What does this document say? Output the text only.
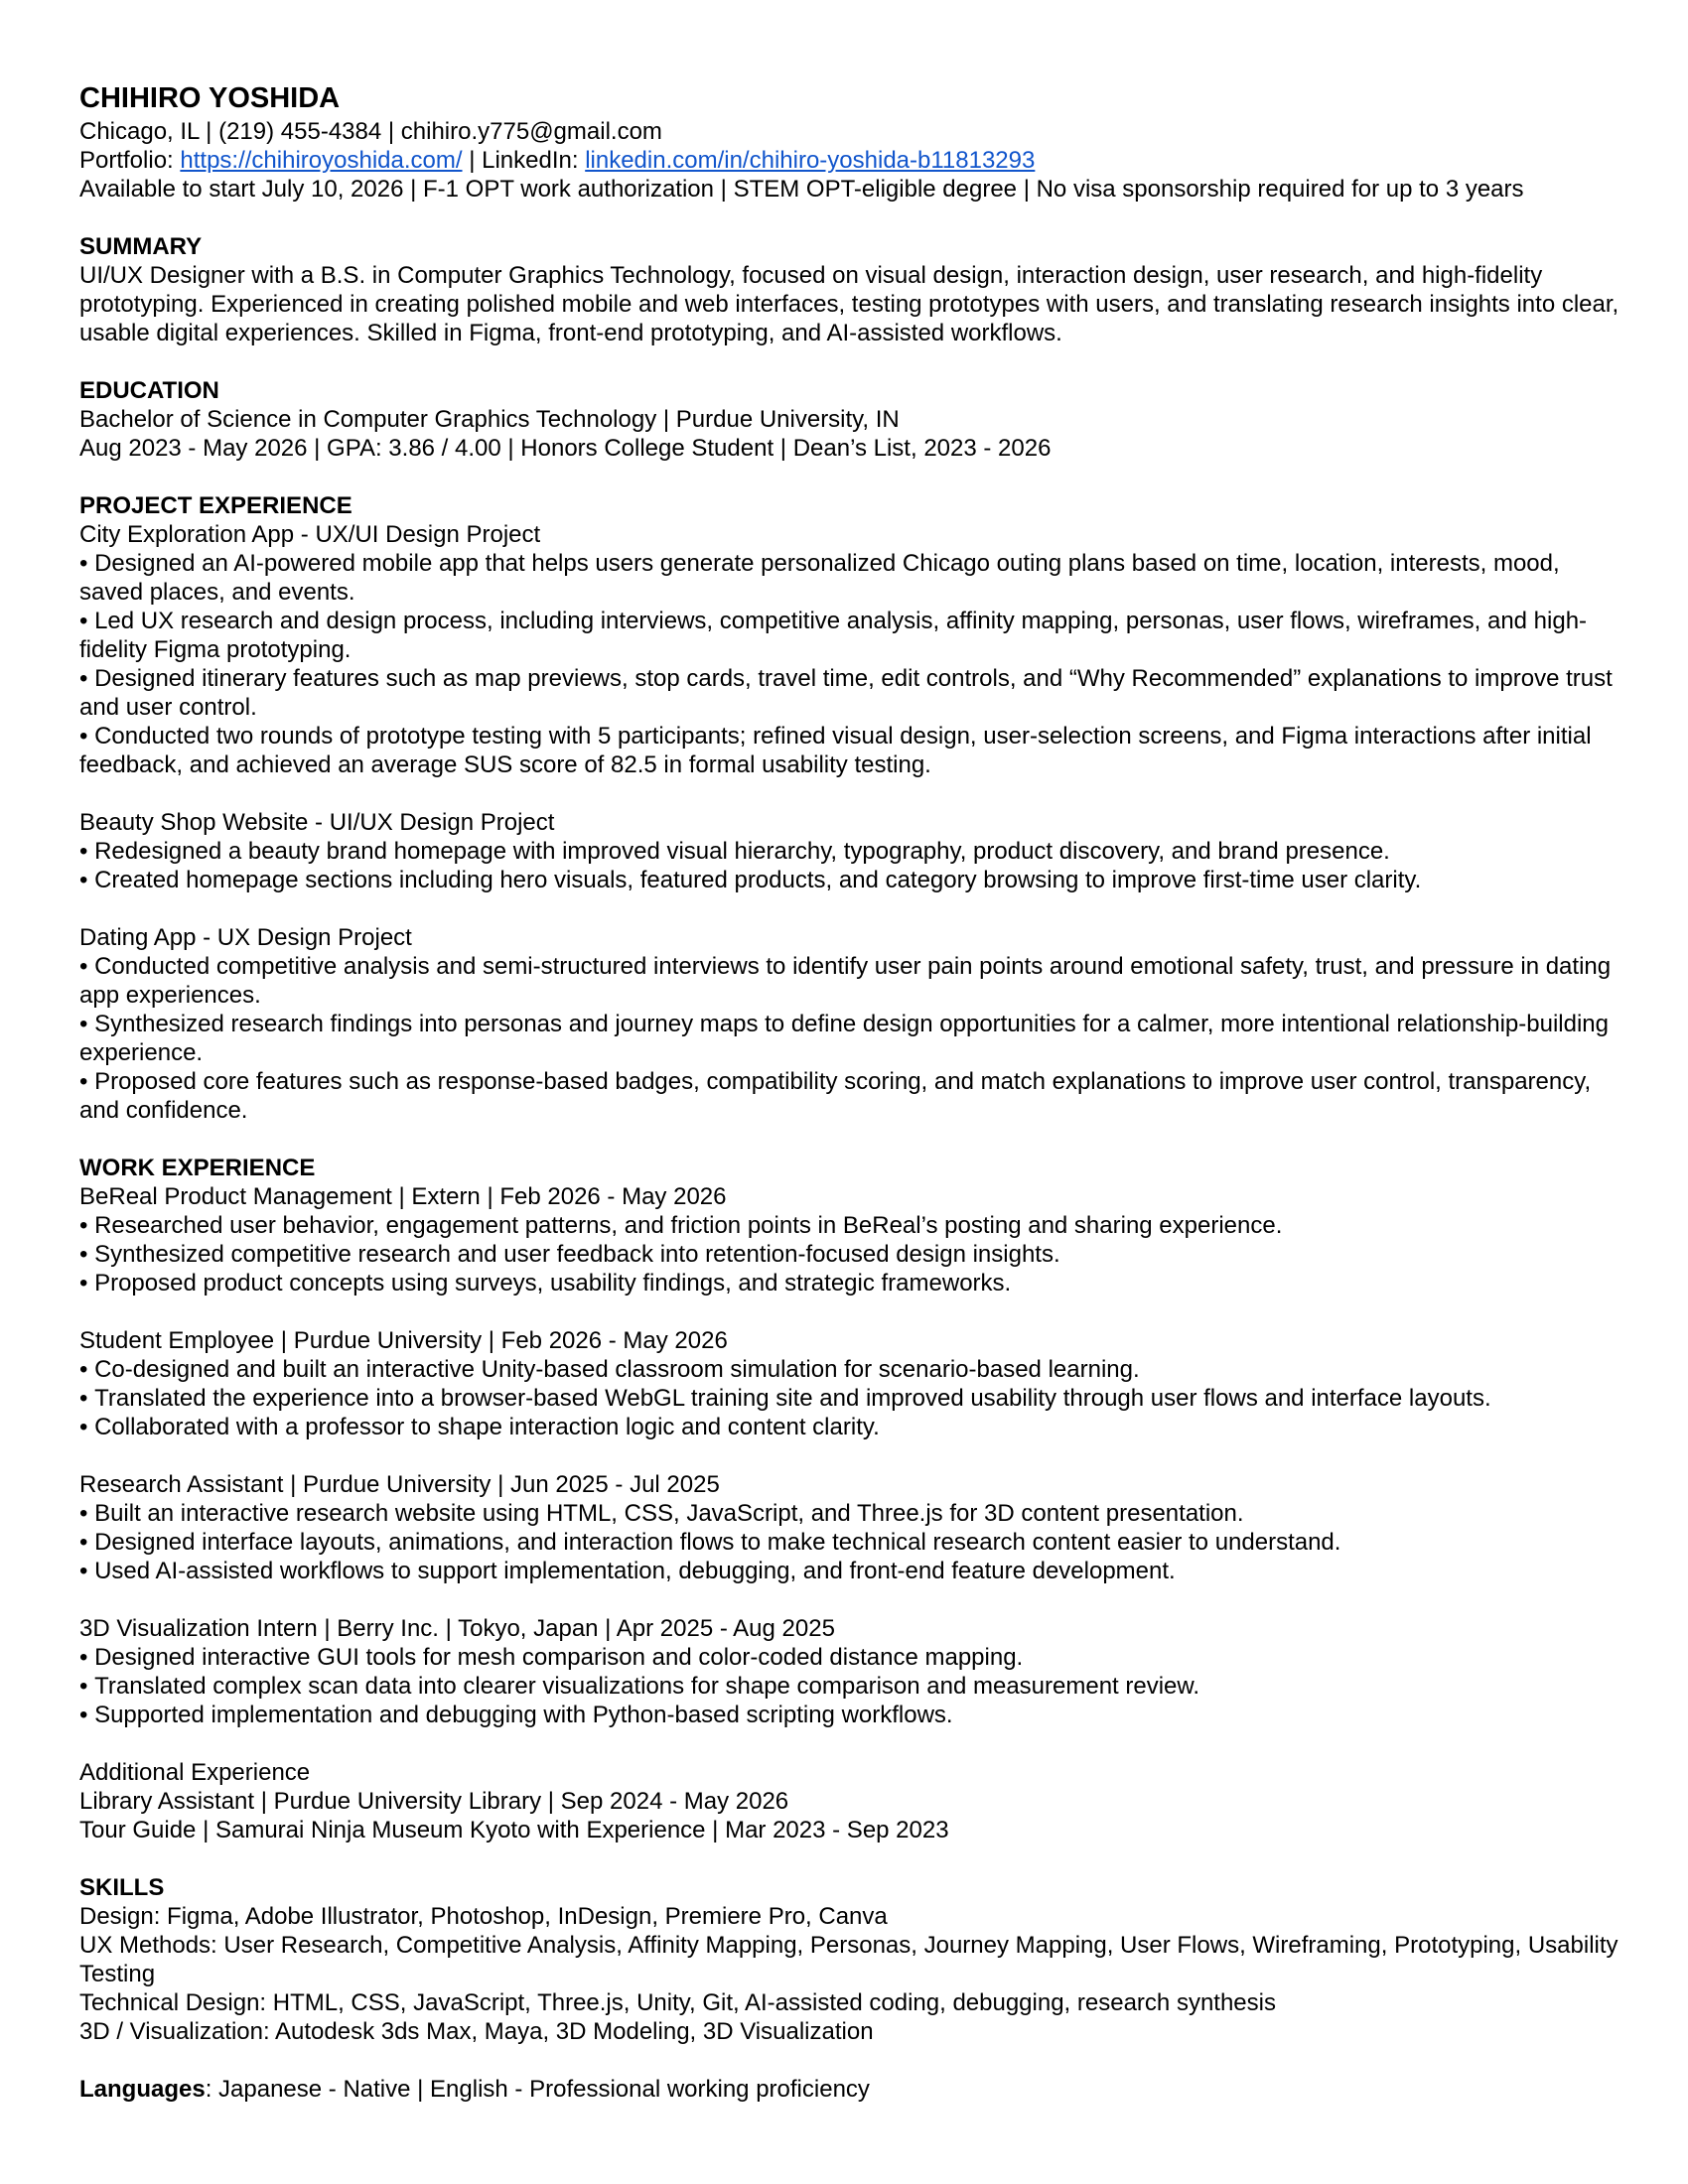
CHIHIRO YOSHIDA

Chicago, IL | (219) 455-4384 | chihiro.y775@gmail.com

Portfolio: https://chihiroyoshida.com/ | LinkedIn: linkedin.com/in/chihiro-yoshida-b11813293

Available to start July 10, 2026 | F-1 OPT work authorization | STEM OPT-eligible degree | No visa sponsorship required for up to 3 years

SUMMARY

UI/UX Designer with a B.S. in Computer Graphics Technology, focused on visual design, interaction design, user research, and high-fidelity prototyping. Experienced in creating polished mobile and web interfaces, testing prototypes with users, and translating research insights into clear, usable digital experiences. Skilled in Figma, front-end prototyping, and AI-assisted workflows.

EDUCATION

Bachelor of Science in Computer Graphics Technology | Purdue University, IN

Aug 2023 - May 2026 | GPA: 3.86 / 4.00 | Honors College Student | Dean’s List, 2023 - 2026

PROJECT EXPERIENCE

City Exploration App - UX/UI Design Project

• Designed an AI-powered mobile app that helps users generate personalized Chicago outing plans based on time, location, interests, mood, saved places, and events.

• Led UX research and design process, including interviews, competitive analysis, affinity mapping, personas, user flows, wireframes, and high-fidelity Figma prototyping.

• Designed itinerary features such as map previews, stop cards, travel time, edit controls, and “Why Recommended” explanations to improve trust and user control.

• Conducted two rounds of prototype testing with 5 participants; refined visual design, user-selection screens, and Figma interactions after initial feedback, and achieved an average SUS score of 82.5 in formal usability testing.

Beauty Shop Website - UI/UX Design Project

• Redesigned a beauty brand homepage with improved visual hierarchy, typography, product discovery, and brand presence.

• Created homepage sections including hero visuals, featured products, and category browsing to improve first-time user clarity.

Dating App - UX Design Project

• Conducted competitive analysis and semi-structured interviews to identify user pain points around emotional safety, trust, and pressure in dating app experiences.

• Synthesized research findings into personas and journey maps to define design opportunities for a calmer, more intentional relationship-building experience.

• Proposed core features such as response-based badges, compatibility scoring, and match explanations to improve user control, transparency, and confidence.

WORK EXPERIENCE

BeReal Product Management | Extern | Feb 2026 - May 2026

• Researched user behavior, engagement patterns, and friction points in BeReal’s posting and sharing experience.

• Synthesized competitive research and user feedback into retention-focused design insights.

• Proposed product concepts using surveys, usability findings, and strategic frameworks.

Student Employee | Purdue University | Feb 2026 - May 2026

• Co-designed and built an interactive Unity-based classroom simulation for scenario-based learning.

• Translated the experience into a browser-based WebGL training site and improved usability through user flows and interface layouts.

• Collaborated with a professor to shape interaction logic and content clarity.

Research Assistant | Purdue University | Jun 2025 - Jul 2025

• Built an interactive research website using HTML, CSS, JavaScript, and Three.js for 3D content presentation.

• Designed interface layouts, animations, and interaction flows to make technical research content easier to understand.

• Used AI-assisted workflows to support implementation, debugging, and front-end feature development.

3D Visualization Intern | Berry Inc. | Tokyo, Japan | Apr 2025 - Aug 2025

• Designed interactive GUI tools for mesh comparison and color-coded distance mapping.

• Translated complex scan data into clearer visualizations for shape comparison and measurement review.

• Supported implementation and debugging with Python-based scripting workflows.

Additional Experience

Library Assistant | Purdue University Library | Sep 2024 - May 2026

Tour Guide | Samurai Ninja Museum Kyoto with Experience | Mar 2023 - Sep 2023

SKILLS

Design: Figma, Adobe Illustrator, Photoshop, InDesign, Premiere Pro, Canva

UX Methods: User Research, Competitive Analysis, Affinity Mapping, Personas, Journey Mapping, User Flows, Wireframing, Prototyping, Usability Testing

Technical Design: HTML, CSS, JavaScript, Three.js, Unity, Git, AI-assisted coding, debugging, research synthesis

3D / Visualization: Autodesk 3ds Max, Maya, 3D Modeling, 3D Visualization

Languages: Japanese - Native | English - Professional working proficiency
